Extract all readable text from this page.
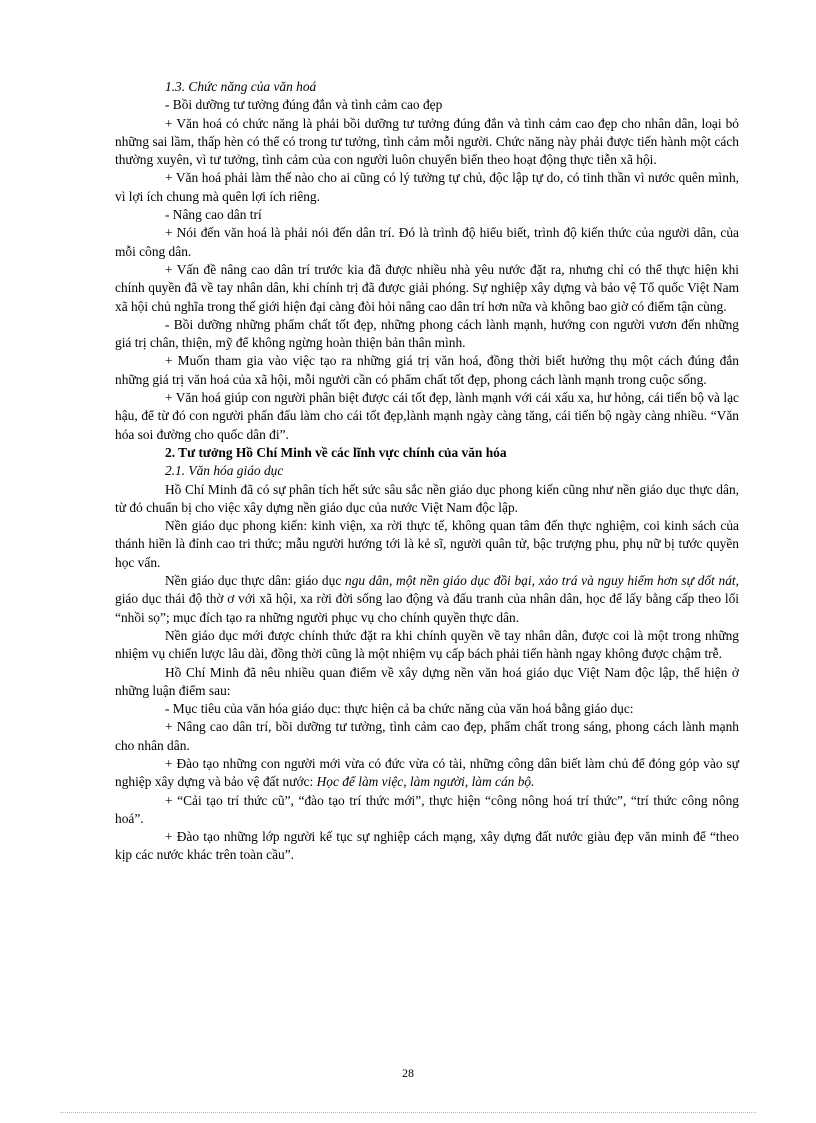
1.3. Chức năng của văn hoá

- Bồi dưỡng tư tưởng đúng đắn và tình cảm cao đẹp

+ Văn hoá có chức năng là phải bồi dưỡng tư tưởng đúng đắn và tình cảm cao đẹp cho nhân dân, loại bỏ những sai lầm, thấp hèn có thể có trong tư tưởng, tình cảm mỗi người. Chức năng này phải được tiến hành một cách thường xuyên, vì tư tưởng, tình cảm của con người luôn chuyển biến theo hoạt động thực tiễn xã hội.

+ Văn hoá phải làm thế nào cho ai cũng có lý tưởng tự chủ, độc lập tự do, có tinh thần vì nước quên mình, vì lợi ích chung mà quên lợi ích riêng.

- Nâng cao dân trí

+ Nói đến văn hoá là phải nói đến dân trí. Đó là trình độ hiểu biết, trình độ kiến thức của người dân, của mỗi công dân.

+ Vấn đề nâng cao dân trí trước kia đã được nhiều nhà yêu nước đặt ra, nhưng chỉ có thể thực hiện khi chính quyền đã về tay nhân dân, khi chính trị đã được giải phóng. Sự nghiệp xây dựng và bảo vệ Tổ quốc Việt Nam xã hội chủ nghĩa trong thế giới hiện đại càng đòi hỏi nâng cao dân trí hơn nữa và không bao giờ có điểm tận cùng.

- Bồi dưỡng những phẩm chất tốt đẹp, những phong cách lành mạnh, hướng con người vươn đến những giá trị chân, thiện, mỹ để không ngừng hoàn thiện bản thân mình.

+ Muốn tham gia vào việc tạo ra những giá trị văn hoá, đồng thời biết hưởng thụ một cách đúng đắn những giá trị văn hoá của xã hội, mỗi người cần có phẩm chất tốt đẹp, phong cách lành mạnh trong cuộc sống.

+ Văn hoá giúp con người phân biệt được cái tốt đẹp, lành mạnh với cái xấu xa, hư hỏng, cái tiến bộ và lạc hậu, để từ đó con người phấn đấu làm cho cái tốt đẹp,lành mạnh ngày càng tăng, cái tiến bộ ngày càng nhiều. “Văn hóa soi đường cho quốc dân đi”.

2. Tư tưởng Hồ Chí Minh về các lĩnh vực chính của văn hóa

2.1. Văn hóa giáo dục

Hồ Chí Minh đã có sự phân tích hết sức sâu sắc nền giáo dục phong kiến cũng như nền giáo dục thực dân, từ đó chuẩn bị cho việc xây dựng nền giáo dục của nước Việt Nam độc lập.

Nền giáo dục phong kiến: kinh viện, xa rời thực tế, không quan tâm đến thực nghiệm, coi kinh sách của thánh hiền là đỉnh cao tri thức; mẫu người hướng tới là kẻ sĩ, người quân tử, bậc trượng phu, phụ nữ bị tước quyền học vấn.

Nền giáo dục thực dân: giáo dục ngu dân, một nền giáo dục đồi bại, xảo trá và nguy hiểm hơn sự dốt nát, giáo dục thái độ thờ ơ với xã hội, xa rời đời sống lao động và đấu tranh của nhân dân, học để lấy bằng cấp theo lối “nhồi sọ”; mục đích tạo ra những người phục vụ cho chính quyền thực dân.

Nền giáo dục mới được chính thức đặt ra khi chính quyền về tay nhân dân, được coi là một trong những nhiệm vụ chiến lược lâu dài, đồng thời cũng là một nhiệm vụ cấp bách phải tiến hành ngay không được chậm trễ.

Hồ Chí Minh đã nêu nhiều quan điểm về xây dựng nền văn hoá giáo dục Việt Nam độc lập, thể hiện ở những luận điểm sau:

- Mục tiêu của văn hóa giáo dục: thực hiện cả ba chức năng của văn hoá bằng giáo dục:

+ Nâng cao dân trí, bồi dưỡng tư tưởng, tình cảm cao đẹp, phẩm chất trong sáng, phong cách lành mạnh cho nhân dân.

+ Đào tạo những con người mới vừa có đức vừa có tài, những công dân biết làm chủ để đóng góp vào sự nghiệp xây dựng và bảo vệ đất nước: Học để làm việc, làm người, làm cán bộ.

+ “Cải tạo trí thức cũ”, “đào tạo trí thức mới”, thực hiện “công nông hoá trí thức”, “trí thức công nông hoá”.

+ Đào tạo những lớp người kế tục sự nghiệp cách mạng, xây dựng đất nước giàu đẹp văn minh để “theo kịp các nước khác trên toàn cầu”.

28
